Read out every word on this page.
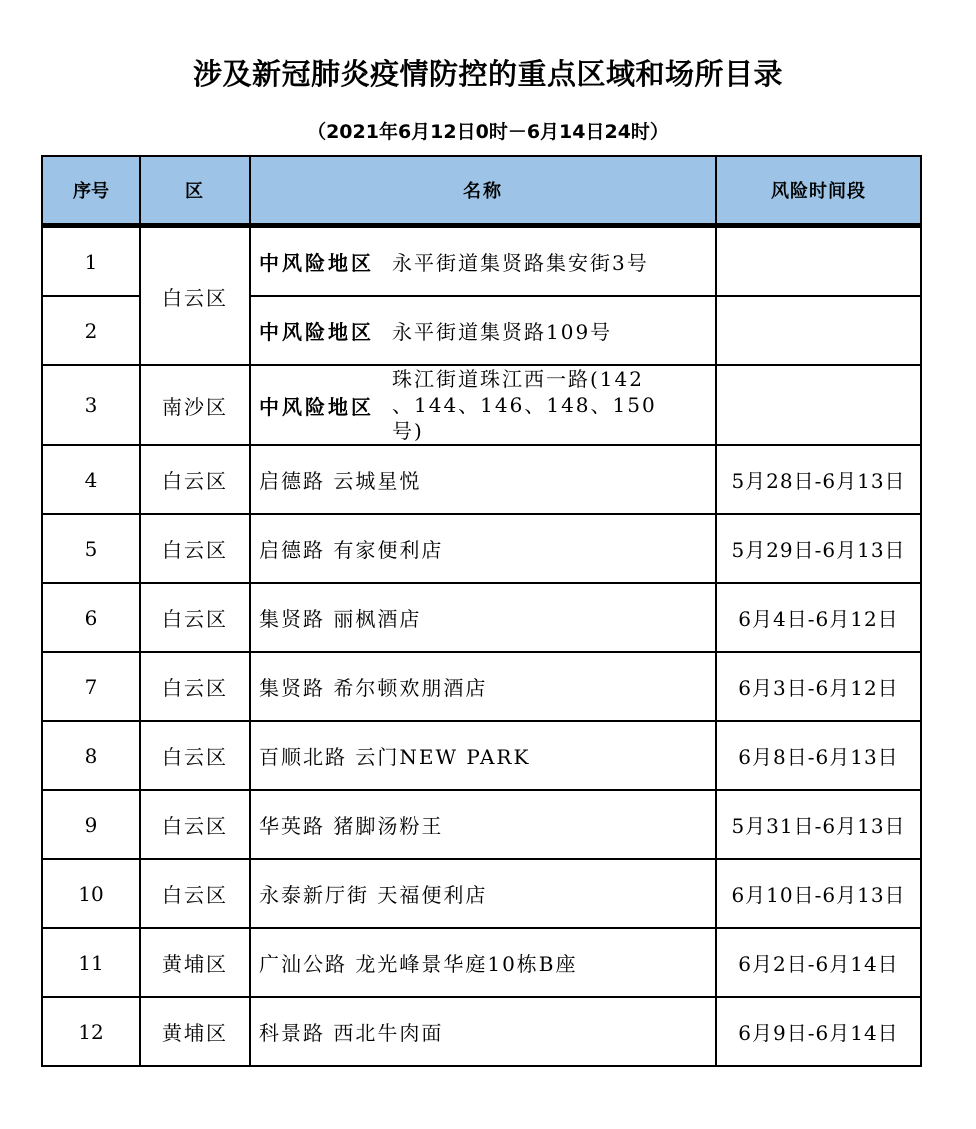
涉及新冠肺炎疫情防控的重点区域和场所目录
（2021年6月12日0时－6月14日24时）
序号	区	名称	风险时间段
1	白云区	中风险地区 永平街道集贤路集安街3号	
2		中风险地区 永平街道集贤路109号	
3	南沙区	中风险地区珠江街道珠江西一路(142
、144、146、148、150号)	
4	白云区	启德路 云城星悦	5月28日-6月13日
5	白云区	启德路 有家便利店	5月29日-6月13日
6	白云区	集贤路 丽枫酒店	6月4日-6月12日
7	白云区	集贤路 希尔顿欢朋酒店	6月3日-6月12日
8	白云区	百顺北路 云门NEW PARK	6月8日-6月13日
9	白云区	华英路 猪脚汤粉王	5月31日-6月13日
10	白云区	永泰新厅街 天福便利店	6月10日-6月13日
11	黄埔区	广汕公路 龙光峰景华庭10栋B座	6月2日-6月14日
12	黄埔区	科景路 西北牛肉面	6月9日-6月14日
